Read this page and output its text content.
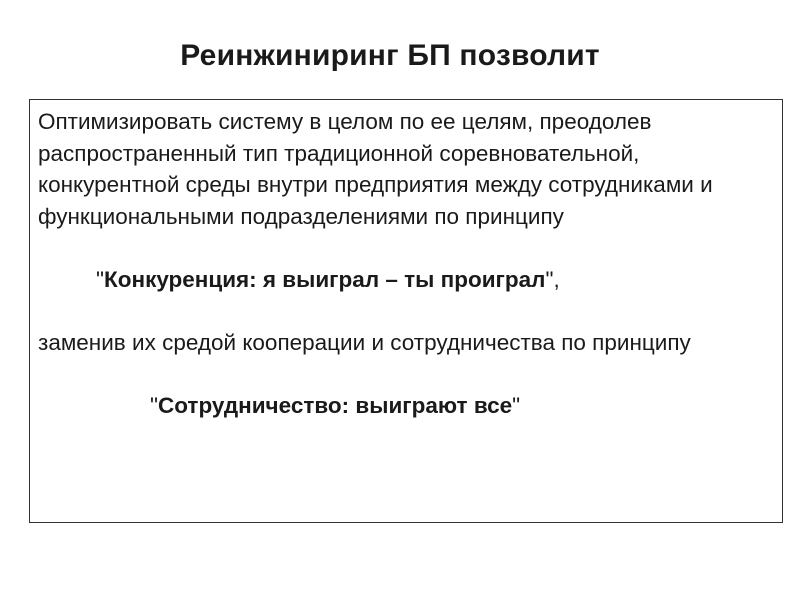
Реинжиниринг БП позволит

Оптимизировать систему в целом по ее целям, преодолев распространенный тип традиционной соревновательной, конкурентной среды внутри предприятия между сотрудниками и функциональными подразделениями по принципу

"Конкуренция: я выиграл – ты проиграл",

заменив их средой кооперации и сотрудничества по принципу

"Сотрудничество: выиграют все"
